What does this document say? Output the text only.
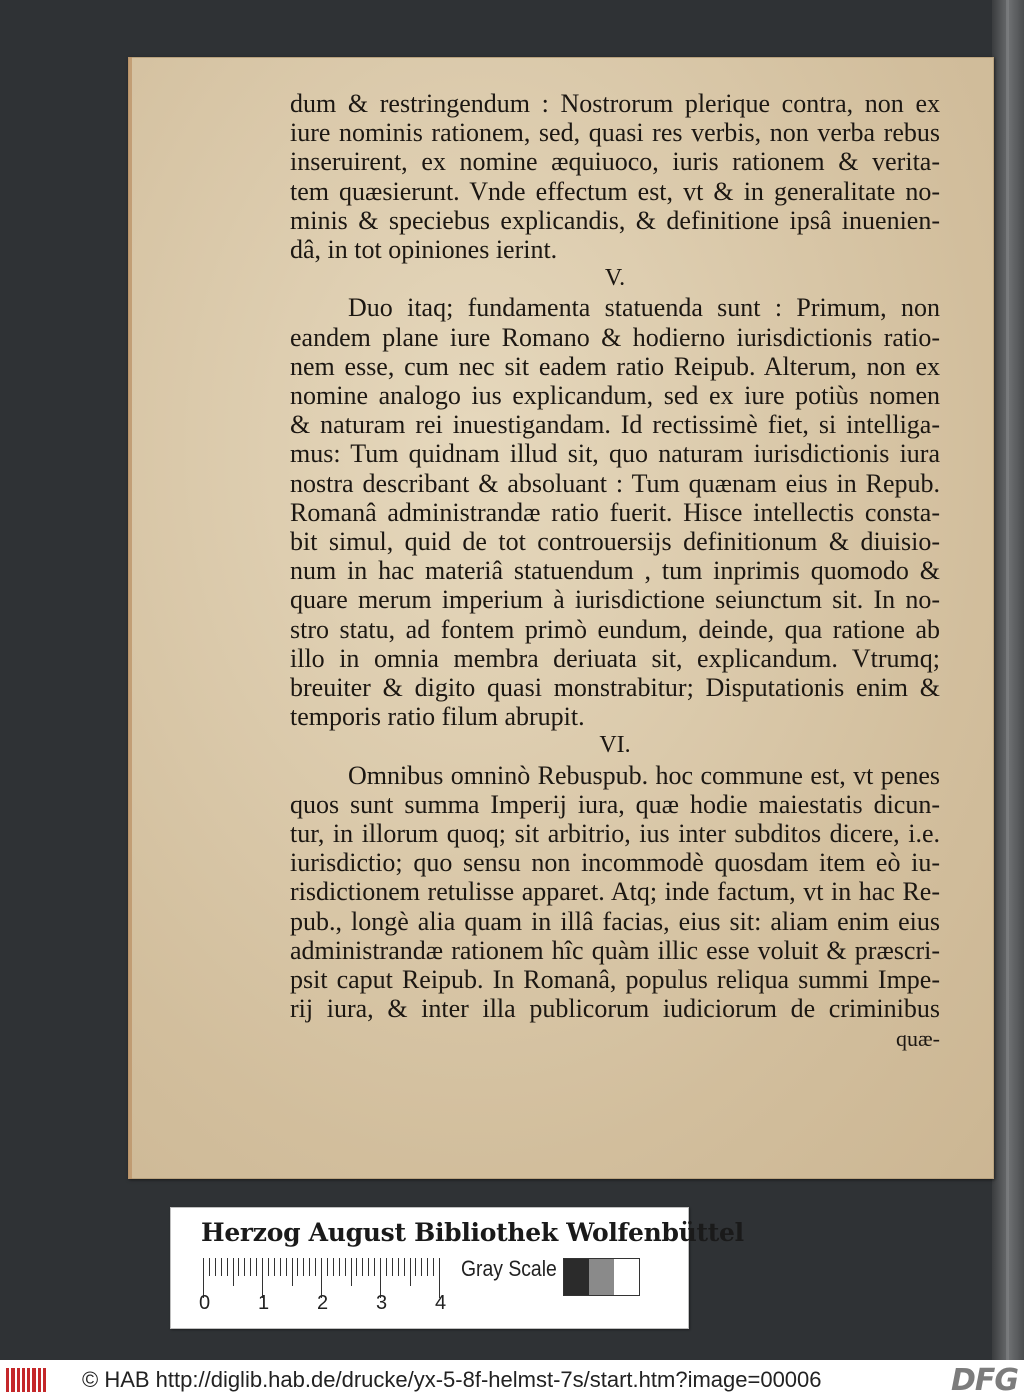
dum & restringendum : Nostrorum plerique contra, non ex
iure nominis rationem, sed, quasi res verbis, non verba rebus
inseruirent, ex nomine æquiuoco, iuris rationem & verita-
tem quæsierunt. Vnde effectum est, vt & in generalitate no-
minis & speciebus explicandis, & definitione ipsâ inuenien-
dâ, in tot opiniones ierint.
V.
Duo itaq; fundamenta statuenda sunt : Primum, non
eandem plane iure Romano & hodierno iurisdictionis ratio-
nem esse, cum nec sit eadem ratio Reipub. Alterum, non ex
nomine analogo ius explicandum, sed ex iure potiùs nomen
& naturam rei inuestigandam. Id rectissimè fiet, si intelliga-
mus: Tum quidnam illud sit, quo naturam iurisdictionis iura
nostra describant & absoluant : Tum quænam eius in Repub.
Romanâ administrandæ ratio fuerit. Hisce intellectis consta-
bit simul, quid de tot controuersijs definitionum & diuisio-
num in hac materiâ statuendum , tum inprimis quomodo &
quare merum imperium à iurisdictione seiunctum sit. In no-
stro statu, ad fontem primò eundum, deinde, qua ratione ab
illo in omnia membra deriuata sit, explicandum. Vtrumq;
breuiter & digito quasi monstrabitur; Disputationis enim &
temporis ratio filum abrupit.
VI.
Omnibus omninò Rebuspub. hoc commune est, vt penes
quos sunt summa Imperij iura, quæ hodie maiestatis dicun-
tur, in illorum quoq; sit arbitrio, ius inter subditos dicere, i.e.
iurisdictio; quo sensu non incommodè quosdam item eò iu-
risdictionem retulisse apparet. Atq; inde factum, vt in hac Re-
pub., longè alia quam in illâ facias, eius sit: aliam enim eius
administrandæ rationem hîc quàm illic esse voluit & præscri-
psit caput Reipub. In Romanâ, populus reliqua summi Impe-
rij iura, & inter illa publicorum iudiciorum de criminibus
quæ-
Herzog August Bibliothek Wolfenbüttel
0 1 2 3 4
Gray Scale
© HAB http://diglib.hab.de/drucke/yx-5-8f-helmst-7s/start.htm?image=00006	DFG
